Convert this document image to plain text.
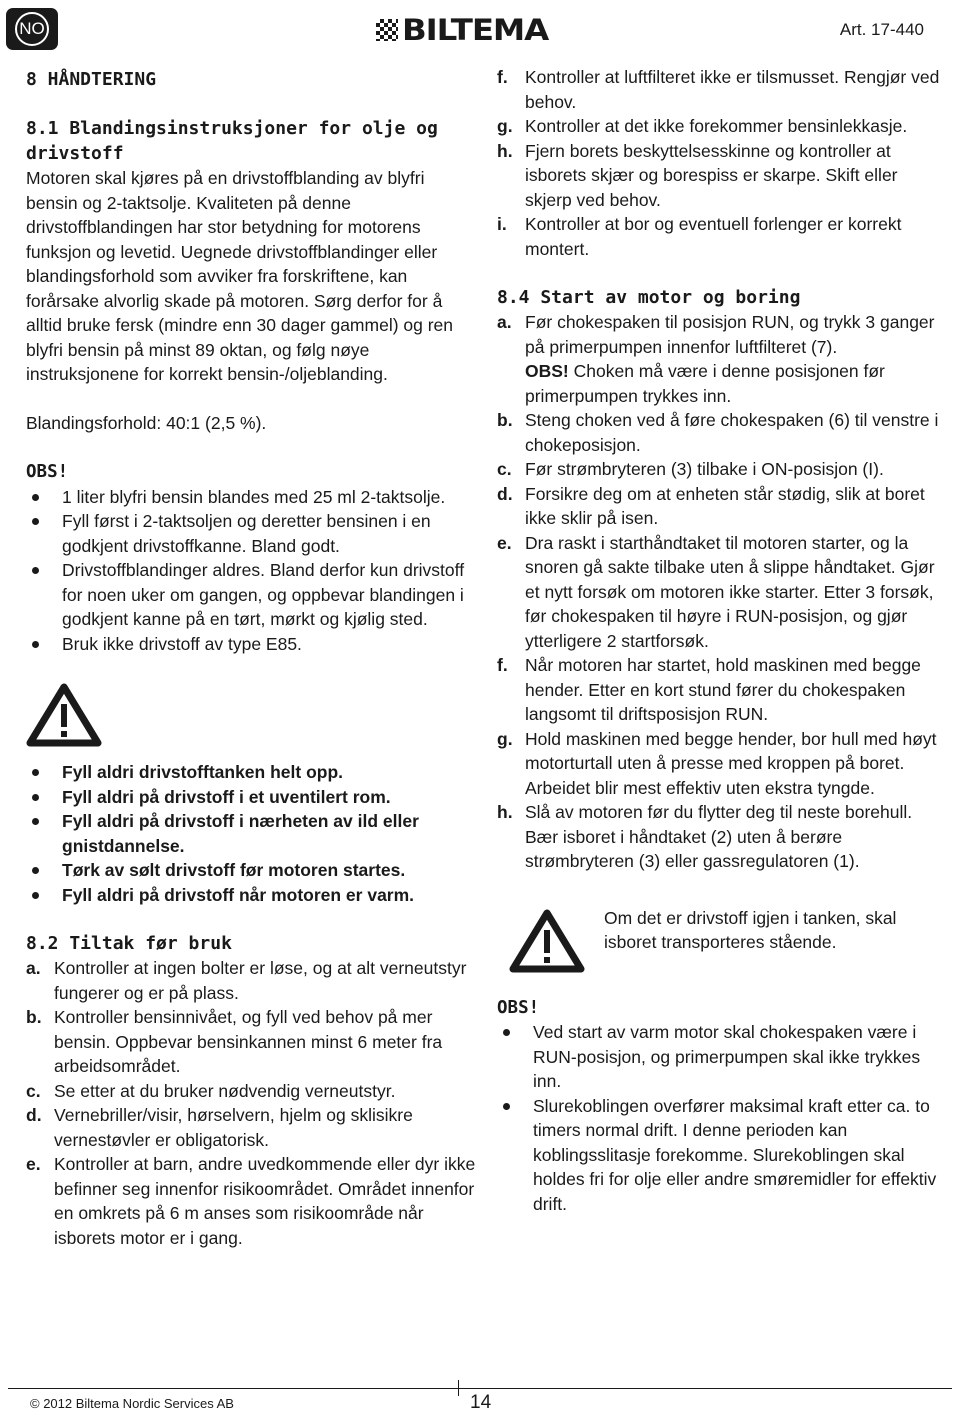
NO	BILTEMA	Art. 17-440
8 HÅNDTERING
8.1 Blandingsinstruksjoner for olje og drivstoff

Motoren skal kjøres på en drivstoffblanding av blyfri bensin og 2-taktsolje. Kvaliteten på denne drivstoffblandingen har stor betydning for motorens funksjon og levetid. Uegnede drivstoffblandinger eller blandingsforhold som avviker fra forskriftene, kan forårsake alvorlig skade på motoren. Sørg derfor for å alltid bruke fersk (mindre enn 30 dager gammel) og ren blyfri bensin på minst 89 oktan, og følg nøye instruksjonene for korrekt bensin-/oljeblanding.

Blandingsforhold: 40:1 (2,5 %).

OBS!
1 liter blyfri bensin blandes med 25 ml 2-taktsolje.
Fyll først i 2-taktsoljen og deretter bensinen i en godkjent drivstoffkanne. Bland godt.
Drivstoffblandinger aldres. Bland derfor kun drivstoff for noen uker om gangen, og oppbevar blandingen i godkjent kanne på en tørt, mørkt og kjølig sted.
Bruk ikke drivstoff av type E85.
Fyll aldri drivstofftanken helt opp.
Fyll aldri på drivstoff i et uventilert rom.
Fyll aldri på drivstoff i nærheten av ild eller gnistdannelse.
Tørk av sølt drivstoff før motoren startes.
Fyll aldri på drivstoff når motoren er varm.
8.2 Tiltak før bruk
a. Kontroller at ingen bolter er løse, og at alt verneutstyr fungerer og er på plass.
b. Kontroller bensinnivået, og fyll ved behov på mer bensin. Oppbevar bensinkannen minst 6 meter fra arbeidsområdet.
c. Se etter at du bruker nødvendig verneutstyr.
d. Vernebriller/visir, hørselvern, hjelm og sklisikre vernestøvler er obligatorisk.
e. Kontroller at barn, andre uvedkommende eller dyr ikke befinner seg innenfor risikoområdet. Området innenfor en omkrets på 6 m anses som risikoområde når isborets motor er i gang.
f. Kontroller at luftfilteret ikke er tilsmusset. Rengjør ved behov.
g. Kontroller at det ikke forekommer bensinlekkasje.
h. Fjern borets beskyttelsesskinne og kontroller at isborets skjær og borespiss er skarpe. Skift eller skjerp ved behov.
i. Kontroller at bor og eventuell forlenger er korrekt montert.
8.4 Start av motor og boring
a. Før chokespaken til posisjon RUN, og trykk 3 ganger på primerpumpen innenfor luftfilteret (7).
OBS! Choken må være i denne posisjonen før primerpumpen trykkes inn.
b. Steng choken ved å føre chokespaken (6) til venstre i chokeposisjon.
c. Før strømbryteren (3) tilbake i ON-posisjon (I).
d. Forsikre deg om at enheten står stødig, slik at boret ikke sklir på isen.
e. Dra raskt i starthåndtaket til motoren starter, og la snoren gå sakte tilbake uten å slippe håndtaket. Gjør et nytt forsøk om motoren ikke starter. Etter 3 forsøk, før chokespaken til høyre i RUN-posisjon, og gjør ytterligere 2 startforsøk.
f. Når motoren har startet, hold maskinen med begge hender. Etter en kort stund fører du chokespaken langsomt til driftsposisjon RUN.
g. Hold maskinen med begge hender, bor hull med høyt motorturtall uten å presse med kroppen på boret. Arbeidet blir mest effektiv uten ekstra tyngde.
h. Slå av motoren før du flytter deg til neste borehull. Bær isboret i håndtaket (2) uten å berøre strømbryteren (3) eller gassregulatoren (1).

Om det er drivstoff igjen i tanken, skal isboret transporteres stående.

OBS!
Ved start av varm motor skal chokespaken være i RUN-posisjon, og primerpumpen skal ikke trykkes inn.
Slurekoblingen overfører maksimal kraft etter ca. to timers normal drift. I denne perioden kan koblingsslitasje forekomme. Slurekoblingen skal holdes fri for olje eller andre smøremidler for effektiv drift.
© 2012 Biltema Nordic Services AB	14
